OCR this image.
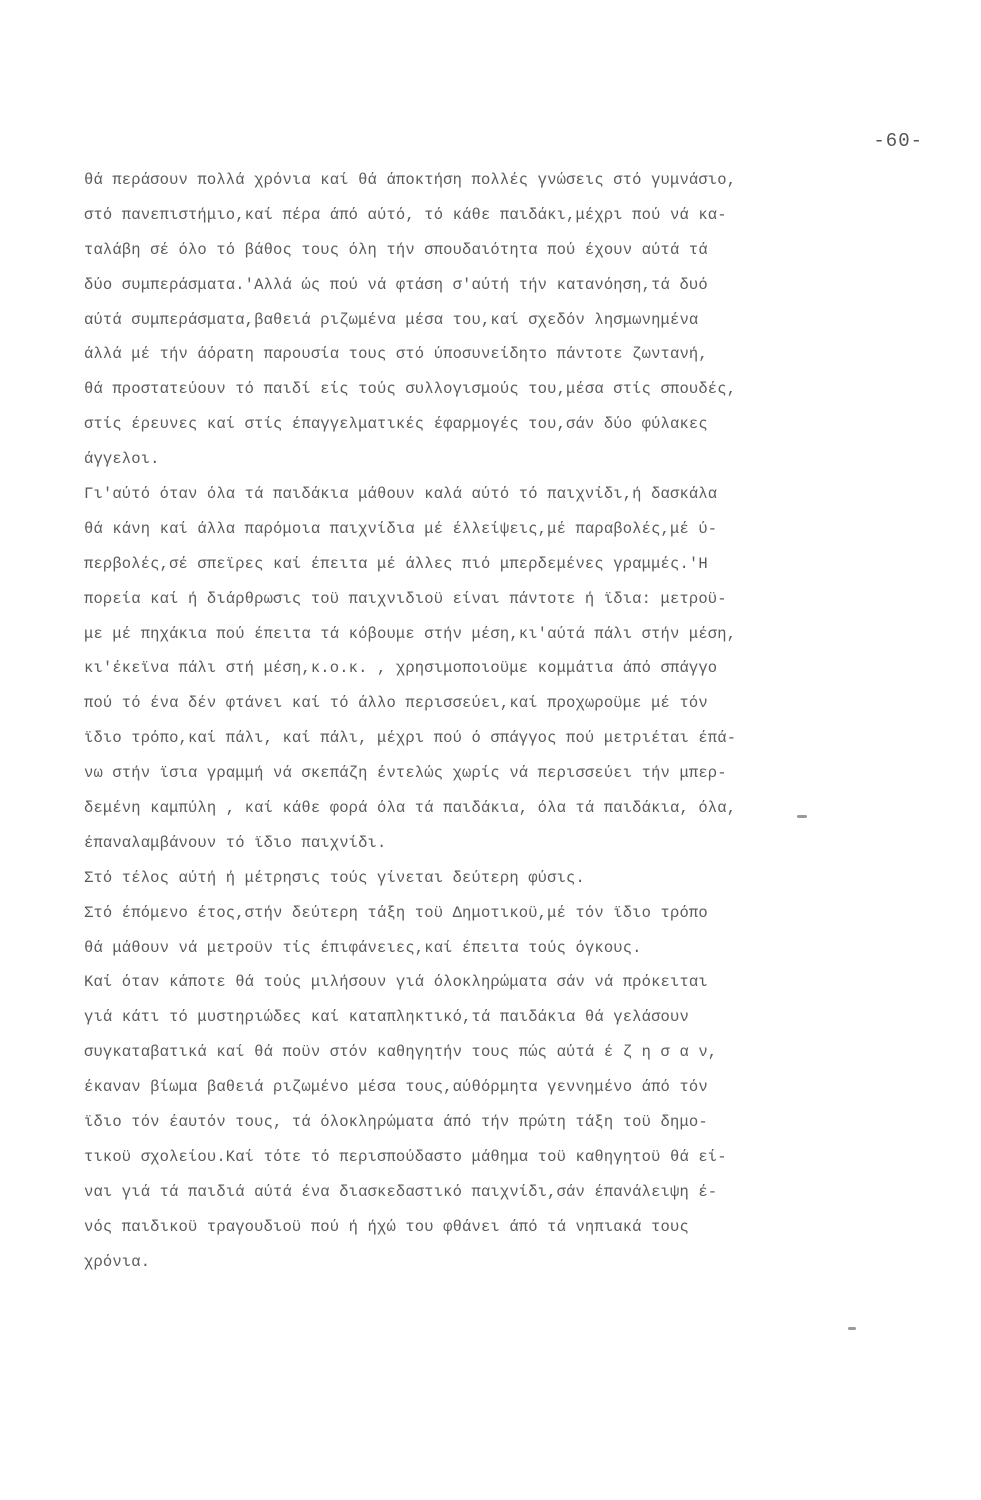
-60-
θά περάσουν πολλά χρόνια καί θά άποκτήση πολλές γνώσεις στό γυμνάσιο,
στό πανεπιστήμιο,καί πέρα άπό αύτό, τό κάθε παιδάκι,μέχρι πού νά κα-
ταλάβη σέ όλο τό βάθος τους όλη τήν σπουδαιότητα πού έχουν αύτά τά
δύο συμπεράσματα.'Αλλά ώς πού νά φτάση σ'αύτή τήν κατανόηση,τά δυό
αύτά συμπεράσματα,βαθειά ριζωμένα μέσα του,καί σχεδόν λησμωνημένα
άλλά μέ τήν άόρατη παρουσία τους στό ύποσυνείδητο πάντοτε ζωντανή,
θά προστατεύουν τό παιδί είς τούς συλλογισμούς του,μέσα στίς σπουδές,
στίς έρευνες καί στίς έπαγγελματικές έφαρμογές του,σάν δύο φύλακες
άγγελοι.
Γι'αύτό όταν όλα τά παιδάκια μάθουν καλά αύτό τό παιχνίδι,ή δασκάλα
θά κάνη καί άλλα παρόμοια παιχνίδια μέ έλλείψεις,μέ παραβολές,μέ ύ-
περβολές,σέ σπεϊρες καί έπειτα μέ άλλες πιό μπερδεμένες γραμμές.'Η
πορεία καί ή διάρθρωσις τοϋ παιχνιδιοϋ είναι πάντοτε ή ϊδια: μετροϋ-
με μέ πηχάκια πού έπειτα τά κόβουμε στήν μέση,κι'αύτά πάλι στήν μέση,
κι'έκεϊνα πάλι στή μέση,κ.ο.κ. , χρησιμοποιοϋμε κομμάτια άπό σπάγγο
πού τό ένα δέν φτάνει καί τό άλλο περισσεύει,καί προχωροϋμε μέ τόν
ϊδιο τρόπο,καί πάλι, καί πάλι, μέχρι πού ό σπάγγος πού μετριέται έπά-
νω στήν ϊσια γραμμή νά σκεπάζη έντελώς χωρίς νά περισσεύει τήν μπερ-
δεμένη καμπύλη , καί κάθε φορά όλα τά παιδάκια, όλα τά παιδάκια, όλα,
έπαναλαμβάνουν τό ϊδιο παιχνίδι.
Στό τέλος αύτή ή μέτρησις τούς γίνεται δεύτερη φύσις.
Στό έπόμενο έτος,στήν δεύτερη τάξη τοϋ Δημοτικοϋ,μέ τόν ϊδιο τρόπο
θά μάθουν νά μετροϋν τίς έπιφάνειες,καί έπειτα τούς όγκους.
Καί όταν κάποτε θά τούς μιλήσουν γιά όλοκληρώματα σάν νά πρόκειται
γιά κάτι τό μυστηριώδες καί καταπληκτικό,τά παιδάκια θά γελάσουν
συγκαταβατικά καί θά ποϋν στόν καθηγητήν τους πώς αύτά έ ζ η σ α ν,
έκαναν βίωμα βαθειά ριζωμένο μέσα τους,αύθόρμητα γεννημένο άπό τόν
ϊδιο τόν έαυτόν τους, τά όλοκληρώματα άπό τήν πρώτη τάξη τοϋ δημο-
τικοϋ σχολείου.Καί τότε τό περισπούδαστο μάθημα τοϋ καθηγητοϋ θά εί-
ναι γιά τά παιδιά αύτά ένα διασκεδαστικό παιχνίδι,σάν έπανάλειψη έ-
νός παιδικοϋ τραγουδιοϋ πού ή ήχώ του φθάνει άπό τά νηπιακά τους
χρόνια.
